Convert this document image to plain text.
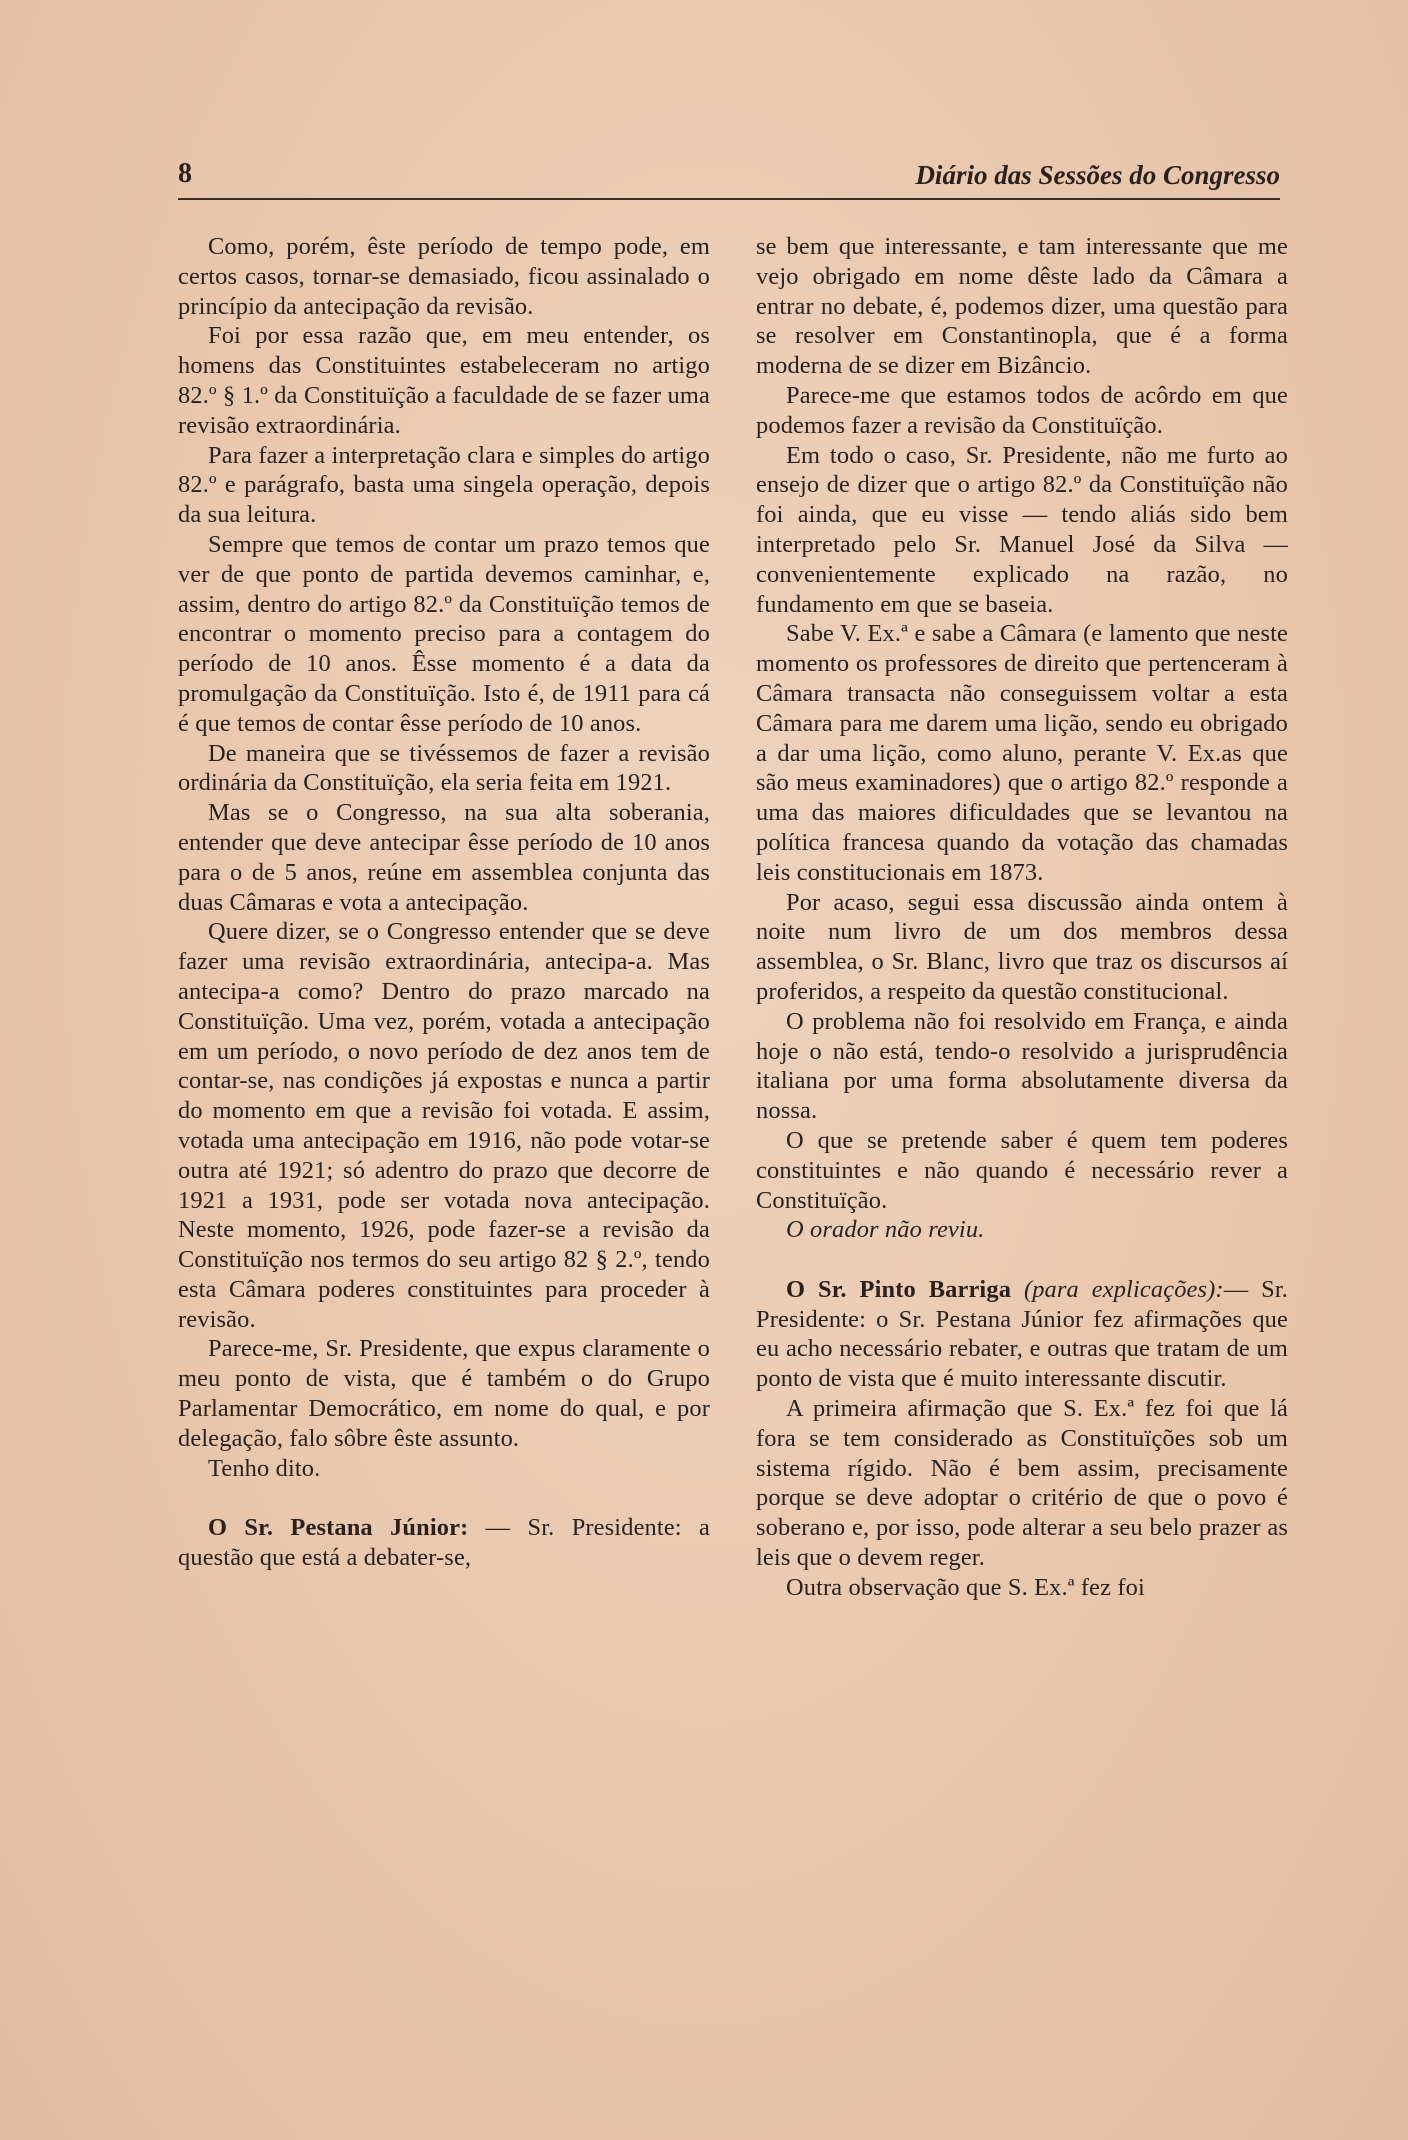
8	Diário das Sessões do Congresso

Como, porém, êste período de tempo pode, em certos casos, tornar-se demasiado, ficou assinalado o princípio da antecipação da revisão.

Foi por essa razão que, em meu entender, os homens das Constituintes estabeleceram no artigo 82.º § 1.º da Constituïção a faculdade de se fazer uma revisão extraordinária.

Para fazer a interpretação clara e simples do artigo 82.º e parágrafo, basta uma singela operação, depois da sua leitura.

Sempre que temos de contar um prazo temos que ver de que ponto de partida devemos caminhar, e, assim, dentro do artigo 82.º da Constituïção temos de encontrar o momento preciso para a contagem do período de 10 anos. Êsse momento é a data da promulgação da Constituïção. Isto é, de 1911 para cá é que temos de contar êsse período de 10 anos.

De maneira que se tivéssemos de fazer a revisão ordinária da Constituïção, ela seria feita em 1921.

Mas se o Congresso, na sua alta soberania, entender que deve antecipar êsse período de 10 anos para o de 5 anos, reúne em assemblea conjunta das duas Câmaras e vota a antecipação.

Quere dizer, se o Congresso entender que se deve fazer uma revisão extraordinária, antecipa-a. Mas antecipa-a como? Dentro do prazo marcado na Constituïção. Uma vez, porém, votada a antecipação em um período, o novo período de dez anos tem de contar-se, nas condições já expostas e nunca a partir do momento em que a revisão foi votada. E assim, votada uma antecipação em 1916, não pode votar-se outra até 1921; só adentro do prazo que decorre de 1921 a 1931, pode ser votada nova antecipação. Neste momento, 1926, pode fazer-se a revisão da Constituïção nos termos do seu artigo 82 § 2.º, tendo esta Câmara poderes constituintes para proceder à revisão.

Parece-me, Sr. Presidente, que expus claramente o meu ponto de vista, que é também o do Grupo Parlamentar Democrático, em nome do qual, e por delegação, falo sôbre êste assunto.

Tenho dito.

O Sr. Pestana Júnior: — Sr. Presidente: a questão que está a debater-se,

se bem que interessante, e tam interessante que me vejo obrigado em nome dêste lado da Câmara a entrar no debate, é, podemos dizer, uma questão para se resolver em Constantinopla, que é a forma moderna de se dizer em Bizâncio.

Parece-me que estamos todos de acôrdo em que podemos fazer a revisão da Constituïção.

Em todo o caso, Sr. Presidente, não me furto ao ensejo de dizer que o artigo 82.º da Constituïção não foi ainda, que eu visse — tendo aliás sido bem interpretado pelo Sr. Manuel José da Silva — convenientemente explicado na razão, no fundamento em que se baseia.

Sabe V. Ex.ª e sabe a Câmara (e lamento que neste momento os professores de direito que pertenceram à Câmara transacta não conseguissem voltar a esta Câmara para me darem uma lição, sendo eu obrigado a dar uma lição, como aluno, perante V. Ex.as que são meus examinadores) que o artigo 82.º responde a uma das maiores dificuldades que se levantou na política francesa quando da votação das chamadas leis constitucionais em 1873.

Por acaso, segui essa discussão ainda ontem à noite num livro de um dos membros dessa assemblea, o Sr. Blanc, livro que traz os discursos aí proferidos, a respeito da questão constitucional.

O problema não foi resolvido em França, e ainda hoje o não está, tendo-o resolvido a jurisprudência italiana por uma forma absolutamente diversa da nossa.

O que se pretende saber é quem tem poderes constituintes e não quando é necessário rever a Constituïção.

O orador não reviu.

O Sr. Pinto Barriga (para explicações):— Sr. Presidente: o Sr. Pestana Júnior fez afirmações que eu acho necessário rebater, e outras que tratam de um ponto de vista que é muito interessante discutir.

A primeira afirmação que S. Ex.ª fez foi que lá fora se tem considerado as Constituïções sob um sistema rígido. Não é bem assim, precisamente porque se deve adoptar o critério de que o povo é soberano e, por isso, pode alterar a seu belo prazer as leis que o devem reger.

Outra observação que S. Ex.ª fez foi
